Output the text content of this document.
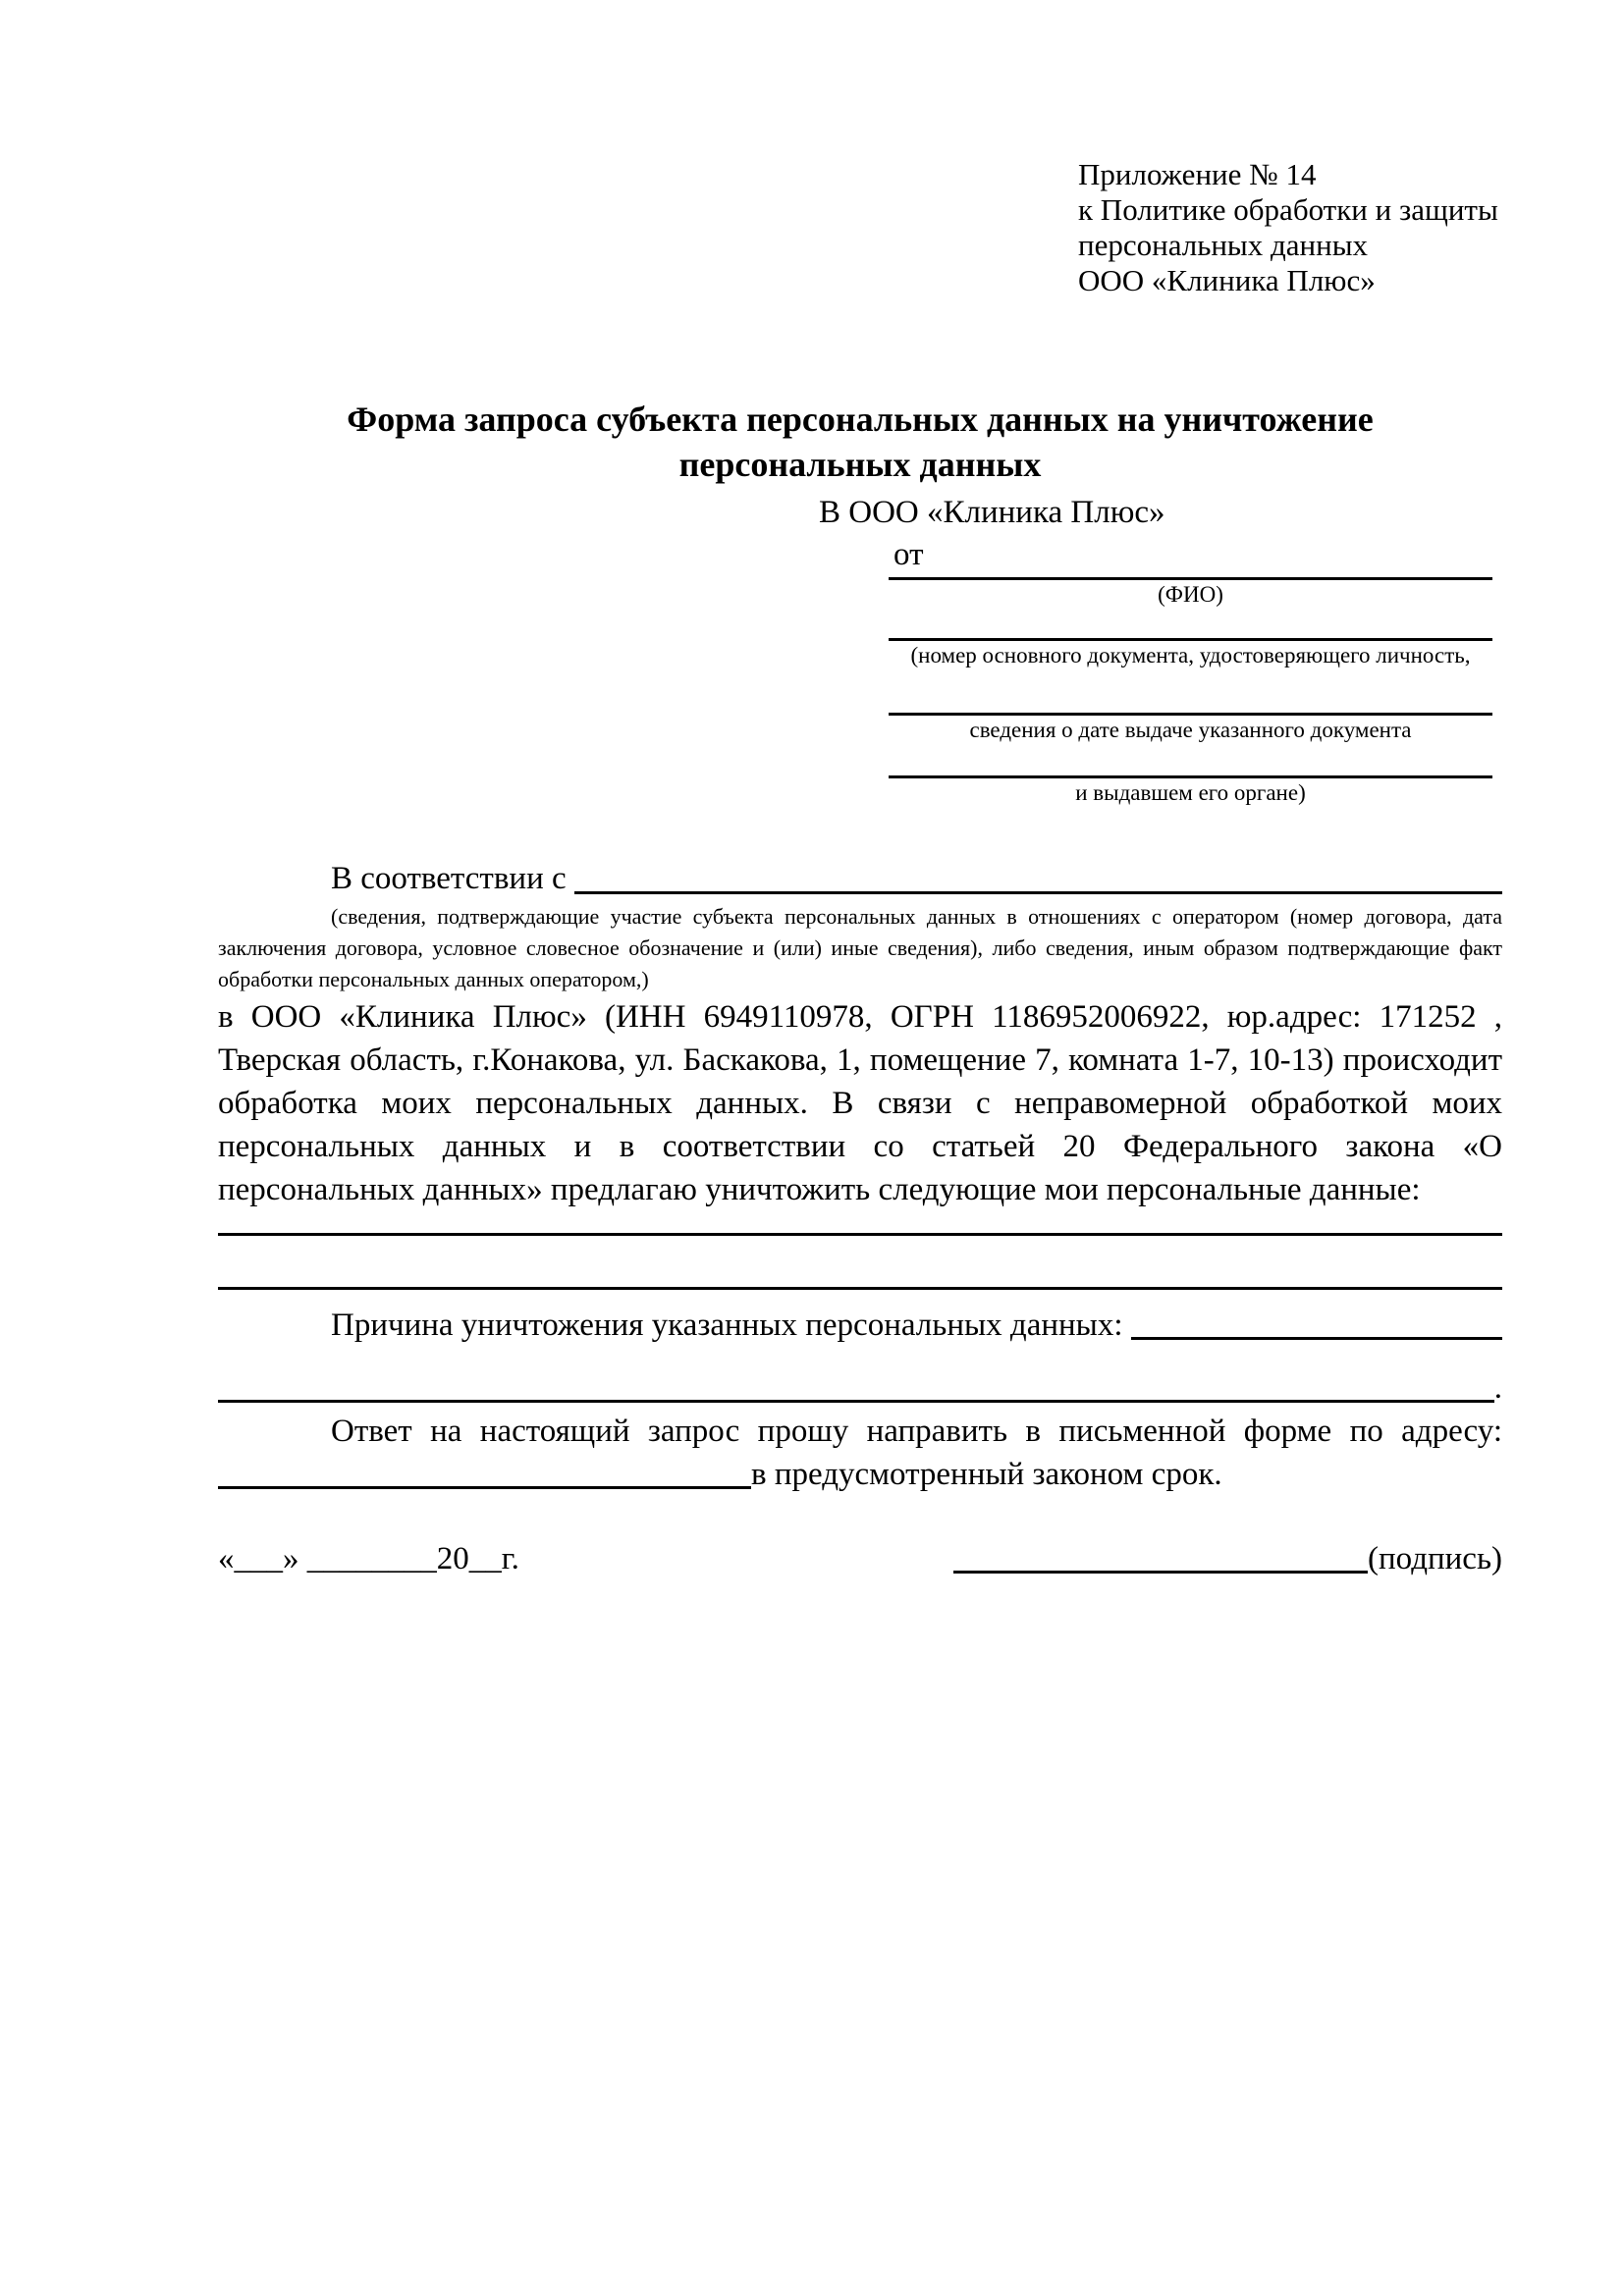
Приложение № 14
к Политике обработки и защиты
персональных данных
ООО «Клиника Плюс»
Форма запроса субъекта персональных данных на уничтожение персональных данных
В ООО «Клиника Плюс»
от
(ФИО)
(номер основного документа, удостоверяющего личность,
сведения о дате выдаче указанного документа
и выдавшем его органе)
В соответствии с
(сведения, подтверждающие участие субъекта персональных данных в отношениях с оператором (номер договора, дата заключения договора, условное словесное обозначение и (или) иные сведения), либо сведения, иным образом подтверждающие факт обработки персональных данных оператором,)
в ООО «Клиника Плюс» (ИНН 6949110978, ОГРН 1186952006922, юр.адрес: 171252 , Тверская область, г.Конакова, ул. Баскакова, 1, помещение 7, комната 1-7, 10-13) происходит обработка моих персональных данных. В связи с неправомерной обработкой моих персональных данных и в соответствии со статьей 20 Федерального закона «О персональных данных» предлагаю уничтожить следующие мои персональные данные:
Причина уничтожения указанных персональных данных:
.
Ответ на настоящий запрос прошу направить в письменной форме по адресу:
в предусмотренный законом срок.
«___» ________20__г.	(подпись)
